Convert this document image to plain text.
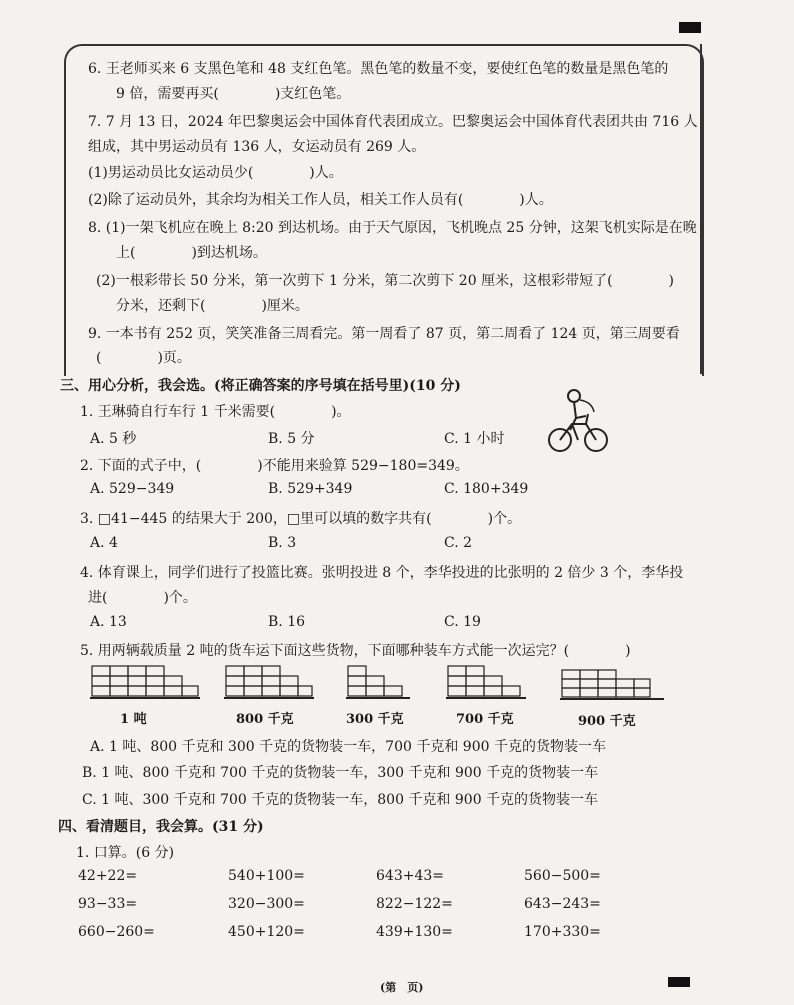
6. 王老师买来 6 支黑色笔和 48 支红色笔。黑色笔的数量不变，要使红色笔的数量是黑色笔的
9 倍，需要再买(　　　　)支红色笔。
7. 7 月 13 日，2024 年巴黎奥运会中国体育代表团成立。巴黎奥运会中国体育代表团共由 716 人
组成，其中男运动员有 136 人，女运动员有 269 人。
(1)男运动员比女运动员少(　　　　)人。
(2)除了运动员外，其余均为相关工作人员，相关工作人员有(　　　　)人。
8. (1)一架飞机应在晚上 8:20 到达机场。由于天气原因，飞机晚点 25 分钟，这架飞机实际是在晚
上(　　　　)到达机场。
(2)一根彩带长 50 分米，第一次剪下 1 分米，第二次剪下 20 厘米，这根彩带短了(　　　　)
分米，还剩下(　　　　)厘米。
9. 一本书有 252 页，笑笑准备三周看完。第一周看了 87 页，第二周看了 124 页，第三周要看
(　　　　)页。
三、用心分析，我会选。(将正确答案的序号填在括号里)(10 分)
1. 王琳骑自行车行 1 千米需要(　　　　)。
A. 5 秒	B. 5 分	C. 1 小时
2. 下面的式子中，(　　　　)不能用来验算 529−180=349。
A. 529−349	B. 529+349	C. 180+349
3. □41−445 的结果大于 200，□里可以填的数字共有(　　　　)个。
A. 4	B. 3	C. 2
4. 体育课上，同学们进行了投篮比赛。张明投进 8 个，李华投进的比张明的 2 倍少 3 个，李华投
进(　　　　)个。
A. 13	B. 16	C. 19
5. 用两辆载质量 2 吨的货车运下面这些货物，下面哪种装车方式能一次运完？(　　　　)
1 吨	800 千克	300 千克	700 千克	900 千克
A. 1 吨、800 千克和 300 千克的货物装一车，700 千克和 900 千克的货物装一车
B. 1 吨、800 千克和 700 千克的货物装一车，300 千克和 900 千克的货物装一车
C. 1 吨、300 千克和 700 千克的货物装一车，800 千克和 900 千克的货物装一车
四、看清题目，我会算。(31 分)
1. 口算。(6 分)
42+22=	540+100=	643+43=	560−500=
93−33=	320−300=	822−122=	643−243=
660−260=	450+120=	439+130=	170+330=
(第　页)
